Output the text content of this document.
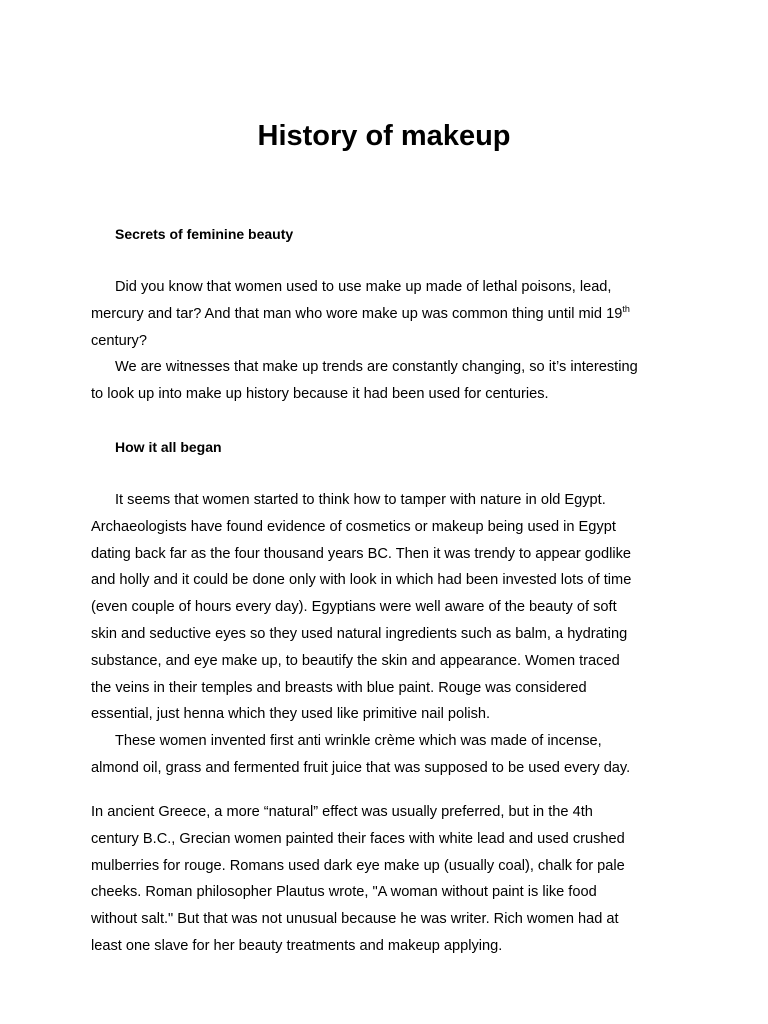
History of makeup

Secrets of feminine beauty

Did you know that women used to use make up made of lethal poisons, lead,
mercury and tar? And that man who wore make up was common thing until mid 19th
century?
We are witnesses that make up trends are constantly changing, so it’s interesting
to look up into make up history because it had been used for centuries.

How it all began

It seems that women started to think how to tamper with nature in old Egypt.
Archaeologists have found evidence of cosmetics or makeup being used in Egypt
dating back far as the four thousand years BC. Then it was trendy to appear godlike
and holly and it could be done only with look in which had been invested lots of time
(even couple of hours every day). Egyptians were well aware of the beauty of soft
skin and seductive eyes so they used natural ingredients such as balm, a hydrating
substance, and eye make up, to beautify the skin and appearance. Women traced
the veins in their temples and breasts with blue paint. Rouge was considered
essential, just henna which they used like primitive nail polish.
These women invented first anti wrinkle crème which was made of incense,
almond oil, grass and fermented fruit juice that was supposed to be used every day.
In ancient Greece, a more “natural” effect was usually preferred, but in the 4th
century B.C., Grecian women painted their faces with white lead and used crushed
mulberries for rouge. Romans used dark eye make up (usually coal), chalk for pale
cheeks. Roman philosopher Plautus wrote, "A woman without paint is like food
without salt." But that was not unusual because he was writer. Rich women had at
least one slave for her beauty treatments and makeup applying.
